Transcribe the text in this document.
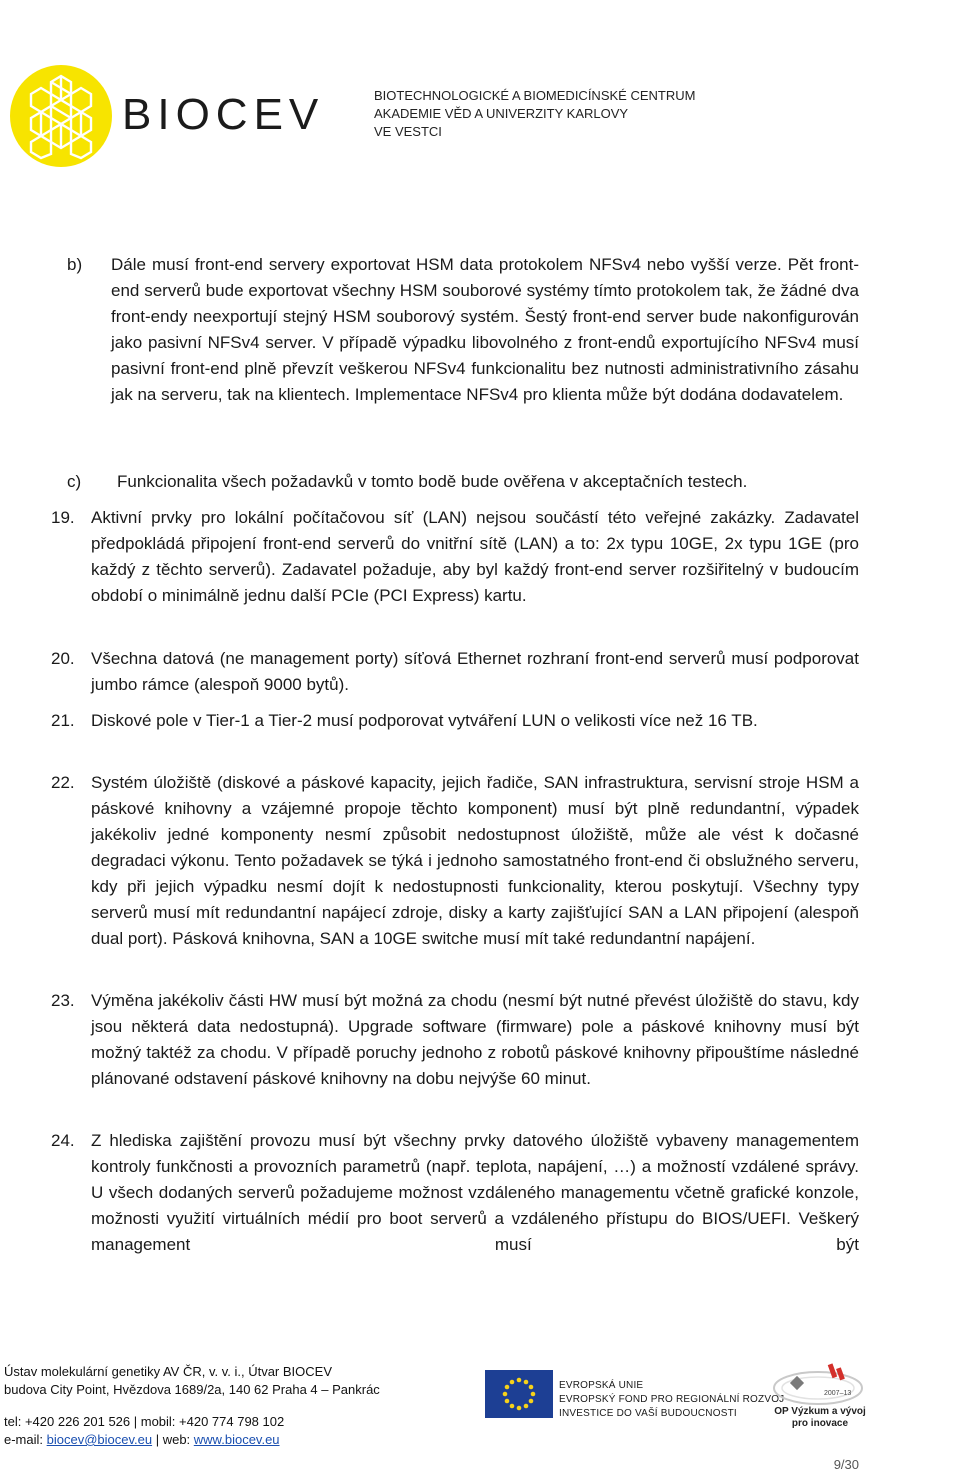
BIOCEV	BIOTECHNOLOGICKÉ A BIOMEDICÍNSKÉ CENTRUM
AKADEMIE VĚD A UNIVERZITY KARLOVY
VE VESTCI
b) Dále musí front-end servery exportovat HSM data protokolem NFSv4 nebo vyšší verze. Pět front-end serverů bude exportovat všechny HSM souborové systémy tímto protokolem tak, že žádné dva front-endy neexportují stejný HSM souborový systém. Šestý front-end server bude nakonfigurován jako pasivní NFSv4 server. V případě výpadku libovolného z front-endů exportujícího NFSv4 musí pasivní front-end plně převzít veškerou NFSv4 funkcionalitu bez nutnosti administrativního zásahu jak na serveru, tak na klientech. Implementace NFSv4 pro klienta může být dodána dodavatelem.
c) Funkcionalita všech požadavků v tomto bodě bude ověřena v akceptačních testech.
19. Aktivní prvky pro lokální počítačovou síť (LAN) nejsou součástí této veřejné zakázky. Zadavatel předpokládá připojení front-end serverů do vnitřní sítě (LAN) a to: 2x typu 10GE, 2x typu 1GE (pro každý z těchto serverů). Zadavatel požaduje, aby byl každý front-end server rozšiřitelný v budoucím období o minimálně jednu další PCIe (PCI Express) kartu.
20. Všechna datová (ne management porty) síťová Ethernet rozhraní front-end serverů musí podporovat jumbo rámce (alespoň 9000 bytů).
21. Diskové pole v Tier-1 a Tier-2 musí podporovat vytváření LUN o velikosti více než 16 TB.
22. Systém úložiště (diskové a páskové kapacity, jejich řadiče, SAN infrastruktura, servisní stroje HSM a páskové knihovny a vzájemné propoje těchto komponent) musí být plně redundantní, výpadek jakékoliv jedné komponenty nesmí způsobit nedostupnost úložiště, může ale vést k dočasné degradaci výkonu. Tento požadavek se týká i jednoho samostatného front-end či obslužného serveru, kdy při jejich výpadku nesmí dojít k nedostupnosti funkcionality, kterou poskytují. Všechny typy serverů musí mít redundantní napájecí zdroje, disky a karty zajišťující SAN a LAN připojení (alespoň dual port). Pásková knihovna, SAN a 10GE switche musí mít také redundantní napájení.
23. Výměna jakékoliv části HW musí být možná za chodu (nesmí být nutné převést úložiště do stavu, kdy jsou některá data nedostupná). Upgrade software (firmware) pole a páskové knihovny musí být možný taktéž za chodu. V případě poruchy jednoho z robotů páskové knihovny připouštíme následné plánované odstavení páskové knihovny na dobu nejvýše 60 minut.
24. Z hlediska zajištění provozu musí být všechny prvky datového úložiště vybaveny managementem kontroly funkčnosti a provozních parametrů (např. teplota, napájení, …) a možností vzdálené správy. U všech dodaných serverů požadujeme možnost vzdáleného managementu včetně grafické konzole, možnosti využití virtuálních médií pro boot serverů a vzdáleného přístupu do BIOS/UEFI. Veškerý management musí být
Ústav molekulární genetiky AV ČR, v. v. i., Útvar BIOCEV
budova City Point, Hvězdova 1689/2a, 140 62 Praha 4 – Pankrác
tel: +420 226 201 526 | mobil: +420 774 798 102
e-mail: biocev@biocev.eu | web: www.biocev.eu
EVROPSKÁ UNIE
EVROPSKÝ FOND PRO REGIONÁLNÍ ROZVOJ
INVESTICE DO VAŠÍ BUDOUCNOSTI
2007–13
OP Výzkum a vývoj
pro inovace
9/30
